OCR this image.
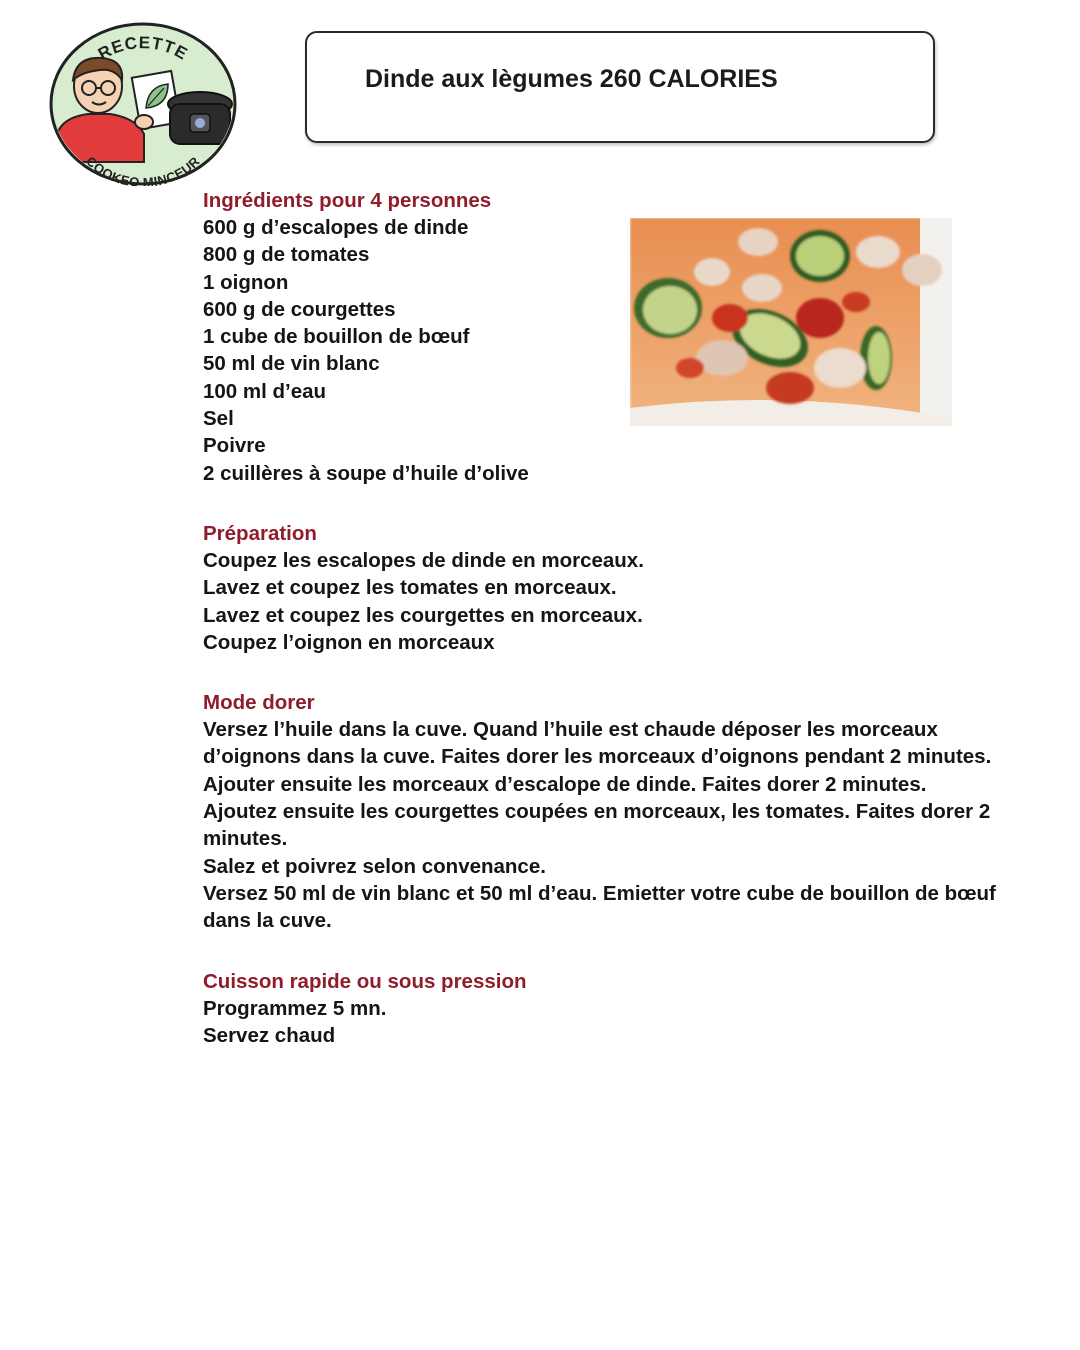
RECETTE
COOKEO MINCEUR
Dinde aux lègumes 260 CALORIES
Ingrédients pour 4 personnes
600 g d’escalopes de dinde
800 g de tomates
1 oignon
600 g de courgettes
1 cube de bouillon de bœuf
50 ml de vin blanc
100 ml d’eau
Sel
Poivre
2 cuillères à soupe d’huile d’olive
Préparation
Coupez les escalopes de dinde en morceaux.
Lavez et coupez les tomates en morceaux.
Lavez et coupez les courgettes en morceaux.
Coupez l’oignon en morceaux
Mode dorer
Versez l’huile dans la cuve. Quand l’huile est chaude déposer les morceaux d’oignons dans la cuve. Faites dorer les morceaux d’oignons pendant 2 minutes.
Ajouter ensuite les morceaux d’escalope de dinde. Faites dorer 2 minutes.
Ajoutez ensuite les courgettes coupées en morceaux, les tomates. Faites dorer 2 minutes.
Salez et poivrez selon convenance.
Versez 50 ml de vin blanc et 50 ml d’eau. Emietter votre cube de bouillon de bœuf dans la cuve.
Cuisson rapide ou sous pression
Programmez 5 mn.
Servez chaud
